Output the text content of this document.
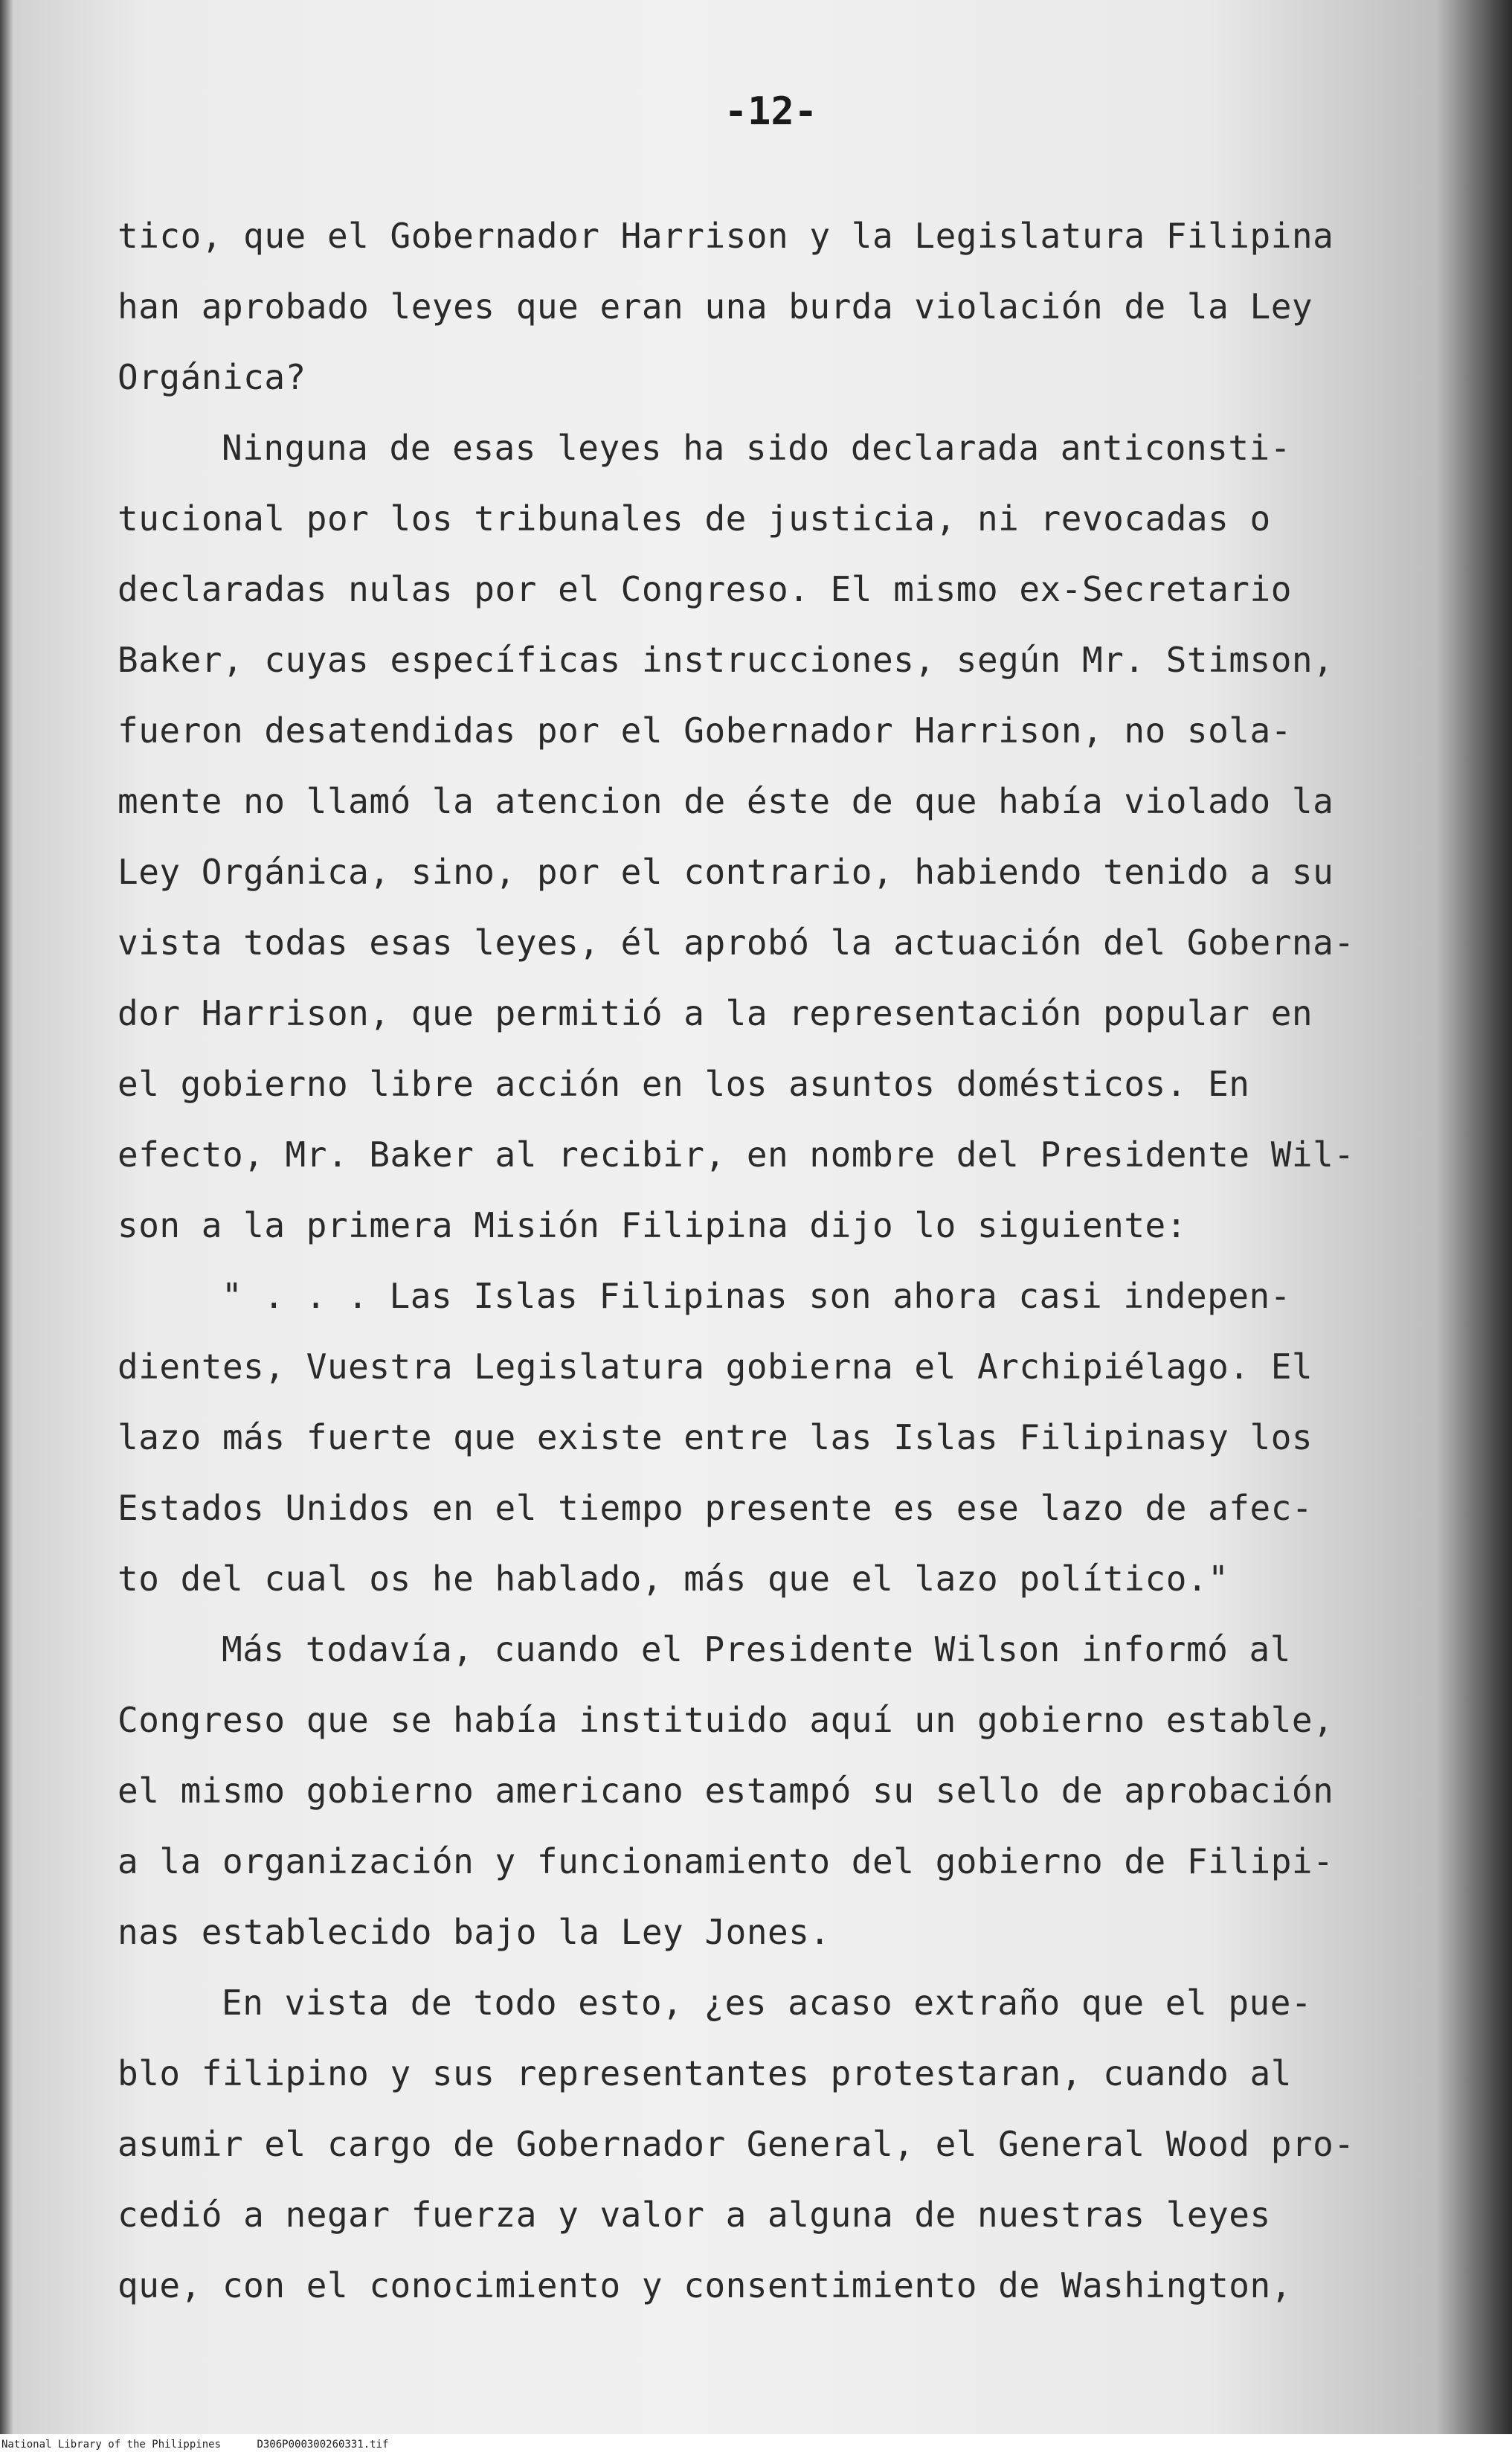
-12-
tico, que el Gobernador Harrison y la Legislatura Filipina
han aprobado leyes que eran una burda violación de la Ley
Orgánica?
Ninguna de esas leyes ha sido declarada anticonsti-
tucional por los tribunales de justicia, ni revocadas o
declaradas nulas por el Congreso. El mismo ex-Secretario
Baker, cuyas específicas instrucciones, según Mr. Stimson,
fueron desatendidas por el Gobernador Harrison, no sola-
mente no llamó la atencion de éste de que había violado la
Ley Orgánica, sino, por el contrario, habiendo tenido a su
vista todas esas leyes, él aprobó la actuación del Goberna-
dor Harrison, que permitió a la representación popular en
el gobierno libre acción en los asuntos domésticos. En
efecto, Mr. Baker al recibir, en nombre del Presidente Wil-
son a la primera Misión Filipina dijo lo siguiente:
" . . . Las Islas Filipinas son ahora casi indepen-
dientes, Vuestra Legislatura gobierna el Archipiélago. El
lazo más fuerte que existe entre las Islas Filipinasy los
Estados Unidos en el tiempo presente es ese lazo de afec-
to del cual os he hablado, más que el lazo político."
Más todavía, cuando el Presidente Wilson informó al
Congreso que se había instituido aquí un gobierno estable,
el mismo gobierno americano estampó su sello de aprobación
a la organización y funcionamiento del gobierno de Filipi-
nas establecido bajo la Ley Jones.
En vista de todo esto, ¿es acaso extraño que el pue-
blo filipino y sus representantes protestaran, cuando al
asumir el cargo de Gobernador General, el General Wood pro-
cedió a negar fuerza y valor a alguna de nuestras leyes
que, con el conocimiento y consentimiento de Washington,
National Library of the Philippines	D306P000300260331.tif
